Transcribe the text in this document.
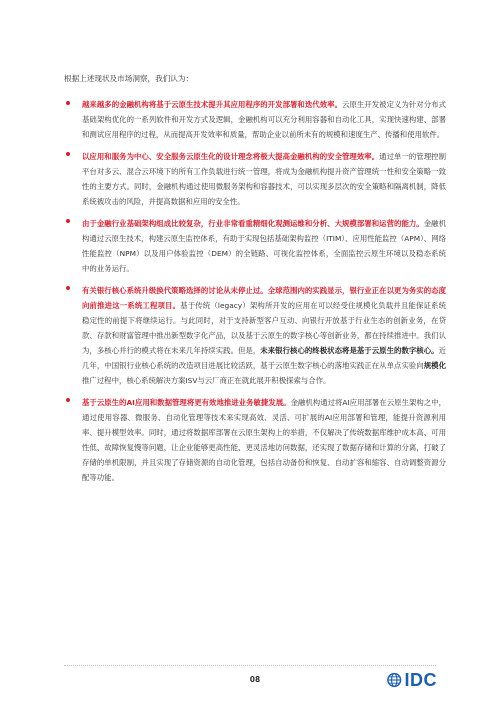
根据上述现状及市场洞察，我们认为：
越来越多的金融机构将基于云原生技术提升其应用程序的开发部署和迭代效率。云原生开发被定义为针对分布式基础架构优化的一系列软件和开发方式及逻辑，金融机构可以充分利用容器和自动化工具，实现快速构建、部署和测试应用程序的过程，从而提高开发效率和质量，帮助企业以前所未有的规模和速度生产、传播和使用软件。
以应用和服务为中心、安全服务云原生化的设计理念将极大提高金融机构的安全管理效率。通过单一的管理控制平台对多云、混合云环境下的所有工作负载进行统一管理，将成为金融机构提升资产管理统一性和安全策略一致性的主要方式。同时，金融机构通过使用微服务架构和容器技术，可以实现多层次的安全策略和隔离机制，降低系统被攻击的风险，并提高数据和应用的安全性。
由于金融行业基础架构组成比较复杂，行业非常看重精细化观测运维和分析、大规模部署和运营的能力。金融机构通过云原生技术，构建云原生监控体系，有助于实现包括基础架构监控（ITIM）、应用性能监控（APM）、网络性能监控（NPM）以及用户体验监控（DEM）的全链路、可视化监控体系，全面监控云原生环境以及稳态系统中的业务运行。
有关银行核心系统升级换代策略选择的讨论从未停止过。全球范围内的实践显示，银行业正在以更为务实的态度向前推进这一系统工程项目。基于传统（legacy）架构所开发的应用在可以经受住规模化负载并且能保证系统稳定性的前提下将继续运行。与此同时，对于支持新型客户互动、向银行开放基于行业生态的创新业务，在贷款、存款和财富管理中推出新型数字化产品，以及基于云原生的数字核心等创新业务，都在持续推进中。我们认为，多核心并行的模式将在未来几年持续实践。但是，未来银行核心的终极状态将是基于云原生的数字核心。近几年，中国银行业核心系统的改造项目进展比较活跃，基于云原生数字核心的落地实践正在从单点实验向规模化推广过程中，核心系统解决方案ISV与云厂商正在就此展开积极探索与合作。
基于云原生的AI应用和数据管理将更有效地推进业务敏捷发展。金融机构通过将AI应用部署在云原生架构之中，通过使用容器、微服务、自动化管理等技术来实现高效、灵活、可扩展的AI应用部署和管理，能提升资源利用率、提升模型效率。同时，通过将数据库部署在云原生架构上的举措，不仅解决了传统数据库维护成本高、可用性低、故障恢复慢等问题，让企业能够更高性能、更灵活地访问数据，还实现了数据存储和计算的分离，打破了存储的单机限制，并且实现了存储资源的自动化管理，包括自动备份和恢复、自动扩容和缩容、自动调整资源分配等功能。
08	IDC
